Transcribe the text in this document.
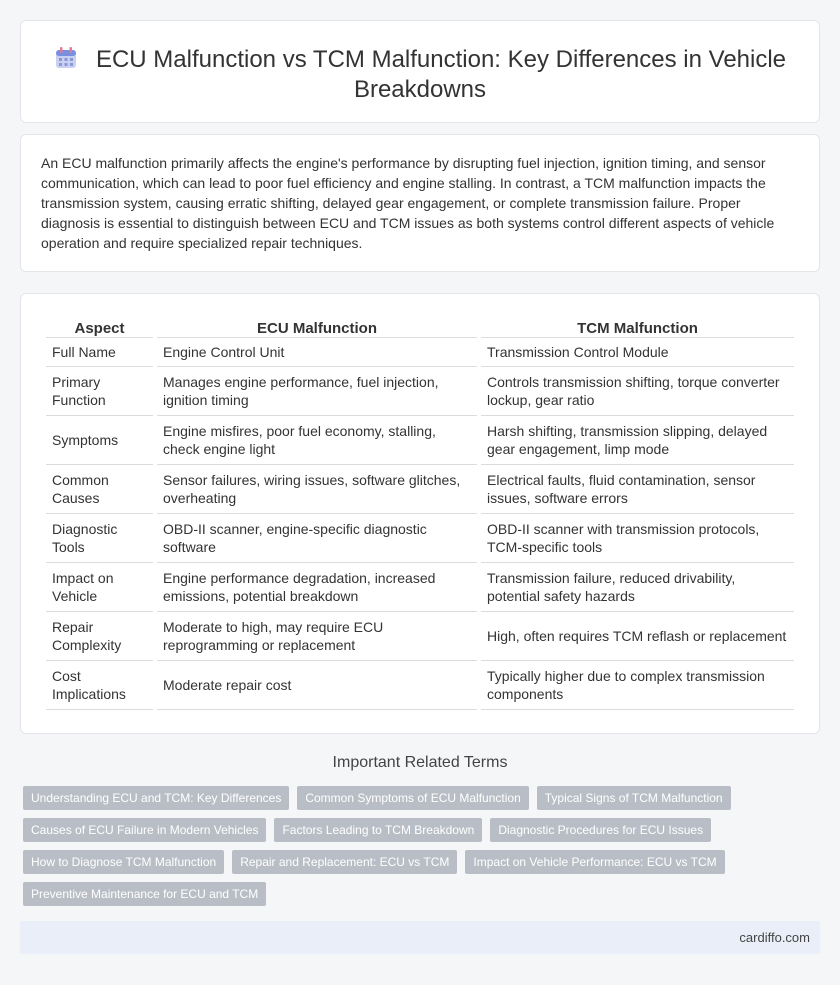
ECU Malfunction vs TCM Malfunction: Key Differences in Vehicle Breakdowns

An ECU malfunction primarily affects the engine's performance by disrupting fuel injection, ignition timing, and sensor communication, which can lead to poor fuel efficiency and engine stalling. In contrast, a TCM malfunction impacts the transmission system, causing erratic shifting, delayed gear engagement, or complete transmission failure. Proper diagnosis is essential to distinguish between ECU and TCM issues as both systems control different aspects of vehicle operation and require specialized repair techniques.

Aspect	ECU Malfunction	TCM Malfunction
Full Name	Engine Control Unit	Transmission Control Module
Primary Function	Manages engine performance, fuel injection, ignition timing	Controls transmission shifting, torque converter lockup, gear ratio
Symptoms	Engine misfires, poor fuel economy, stalling, check engine light	Harsh shifting, transmission slipping, delayed gear engagement, limp mode
Common Causes	Sensor failures, wiring issues, software glitches, overheating	Electrical faults, fluid contamination, sensor issues, software errors
Diagnostic Tools	OBD-II scanner, engine-specific diagnostic software	OBD-II scanner with transmission protocols, TCM-specific tools
Impact on Vehicle	Engine performance degradation, increased emissions, potential breakdown	Transmission failure, reduced drivability, potential safety hazards
Repair Complexity	Moderate to high, may require ECU reprogramming or replacement	High, often requires TCM reflash or replacement
Cost Implications	Moderate repair cost	Typically higher due to complex transmission components
Important Related Terms
Understanding ECU and TCM: Key Differences	Common Symptoms of ECU Malfunction	Typical Signs of TCM Malfunction
Causes of ECU Failure in Modern Vehicles	Factors Leading to TCM Breakdown	Diagnostic Procedures for ECU Issues
How to Diagnose TCM Malfunction	Repair and Replacement: ECU vs TCM	Impact on Vehicle Performance: ECU vs TCM
Preventive Maintenance for ECU and TCM
cardiffo.com
